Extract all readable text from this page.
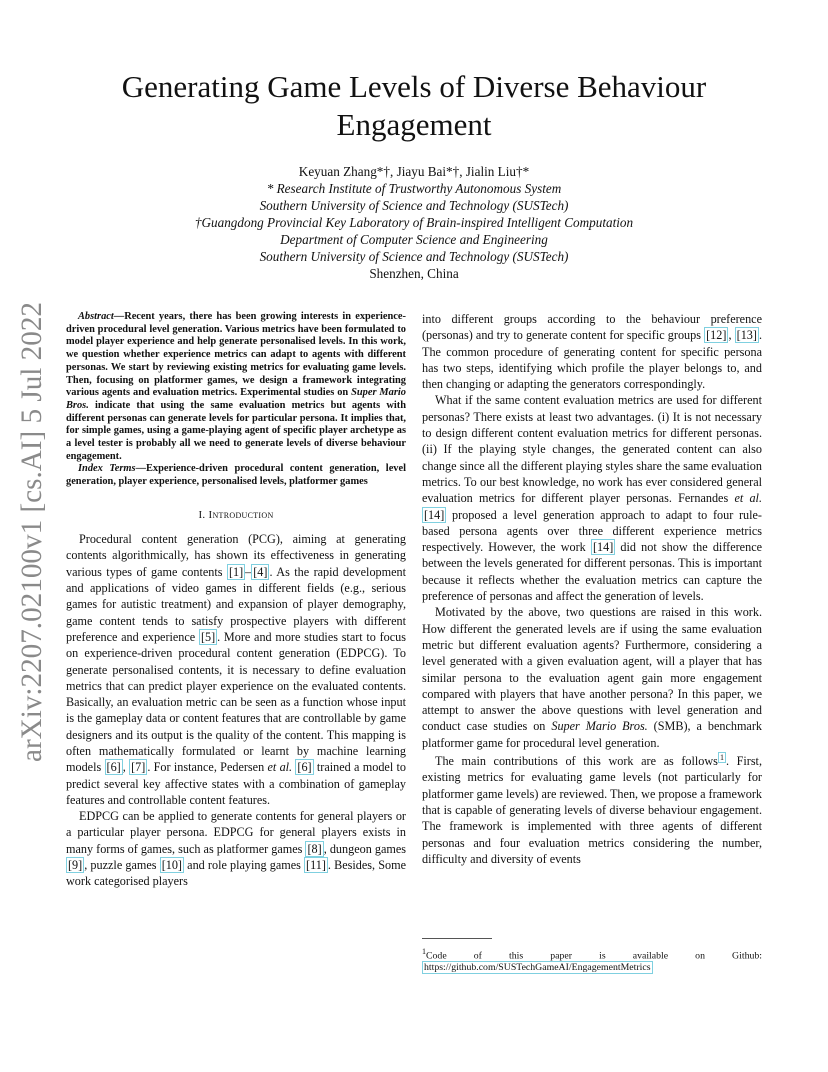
arXiv:2207.02100v1 [cs.AI] 5 Jul 2022
Generating Game Levels of Diverse Behaviour
Engagement
Keyuan Zhang*†, Jiayu Bai*†, Jialin Liu†*
* Research Institute of Trustworthy Autonomous System
Southern University of Science and Technology (SUSTech)
†Guangdong Provincial Key Laboratory of Brain-inspired Intelligent Computation
Department of Computer Science and Engineering
Southern University of Science and Technology (SUSTech)
Shenzhen, China

Abstract—Recent years, there has been growing interests in experience-driven procedural level generation. Various metrics have been formulated to model player experience and help generate personalised levels. In this work, we question whether experience metrics can adapt to agents with different personas. We start by reviewing existing metrics for evaluating game levels. Then, focusing on platformer games, we design a framework integrating various agents and evaluation metrics. Experimental studies on Super Mario Bros. indicate that using the same evaluation metrics but agents with different personas can generate levels for particular persona. It implies that, for simple games, using a game-playing agent of specific player archetype as a level tester is probably all we need to generate levels of diverse behaviour engagement.

Index Terms—Experience-driven procedural content generation, level generation, player experience, personalised levels, platformer games

I. Introduction

Procedural content generation (PCG), aiming at generating contents algorithmically, has shown its effectiveness in generating various types of game contents [1] – [4] . As the rapid development and applications of video games in different fields (e.g., serious games for autistic treatment) and expansion of player demography, game content tends to satisfy prospective players with different preference and experience [5] . More and more studies start to focus on experience-driven procedural content generation (EDPCG). To generate personalised contents, it is necessary to define evaluation metrics that can predict player experience on the evaluated contents. Basically, an evaluation metric can be seen as a function whose input is the gameplay data or content features that are controllable by game designers and its output is the quality of the content. This mapping is often mathematically formulated or learnt by machine learning models [6] , [7] . For instance, Pedersen et al. [6] trained a model to predict several key affective states with a combination of gameplay features and controllable content features.

EDPCG can be applied to generate contents for general players or a particular player persona. EDPCG for general players exists in many forms of games, such as platformer games [8] , dungeon games [9] , puzzle games [10] and role playing games [11] . Besides, Some work categorised players

into different groups according to the behaviour preference (personas) and try to generate content for specific groups [12] , [13] . The common procedure of generating content for specific persona has two steps, identifying which profile the player belongs to, and then changing or adapting the generators correspondingly.

What if the same content evaluation metrics are used for different personas? There exists at least two advantages. (i) It is not necessary to design different content evaluation metrics for different personas. (ii) If the playing style changes, the generated content can also change since all the different playing styles share the same evaluation metrics. To our best knowledge, no work has ever considered general evaluation metrics for different player personas. Fernandes et al. [14] proposed a level generation approach to adapt to four rule-based persona agents over three different experience metrics respectively. However, the work [14] did not show the difference between the levels generated for different personas. This is important because it reflects whether the evaluation metrics can capture the preference of personas and affect the generation of levels.

Motivated by the above, two questions are raised in this work. How different the generated levels are if using the same evaluation metric but different evaluation agents? Furthermore, considering a level generated with a given evaluation agent, will a player that has similar persona to the evaluation agent gain more engagement compared with players that have another persona? In this paper, we attempt to answer the above questions with level generation and conduct case studies on Super Mario Bros. (SMB), a benchmark platformer game for procedural level generation.

The main contributions of this work are as follows $^1$ . First, existing metrics for evaluating game levels (not particularly for platformer game levels) are reviewed. Then, we propose a framework that is capable of generating levels of diverse behaviour engagement. The framework is implemented with three agents of different personas and four evaluation metrics considering the number, difficulty and diversity of events

$^1$Code of this paper is available on Github: https://github.com/SUSTechGameAI/EngagementMetrics
